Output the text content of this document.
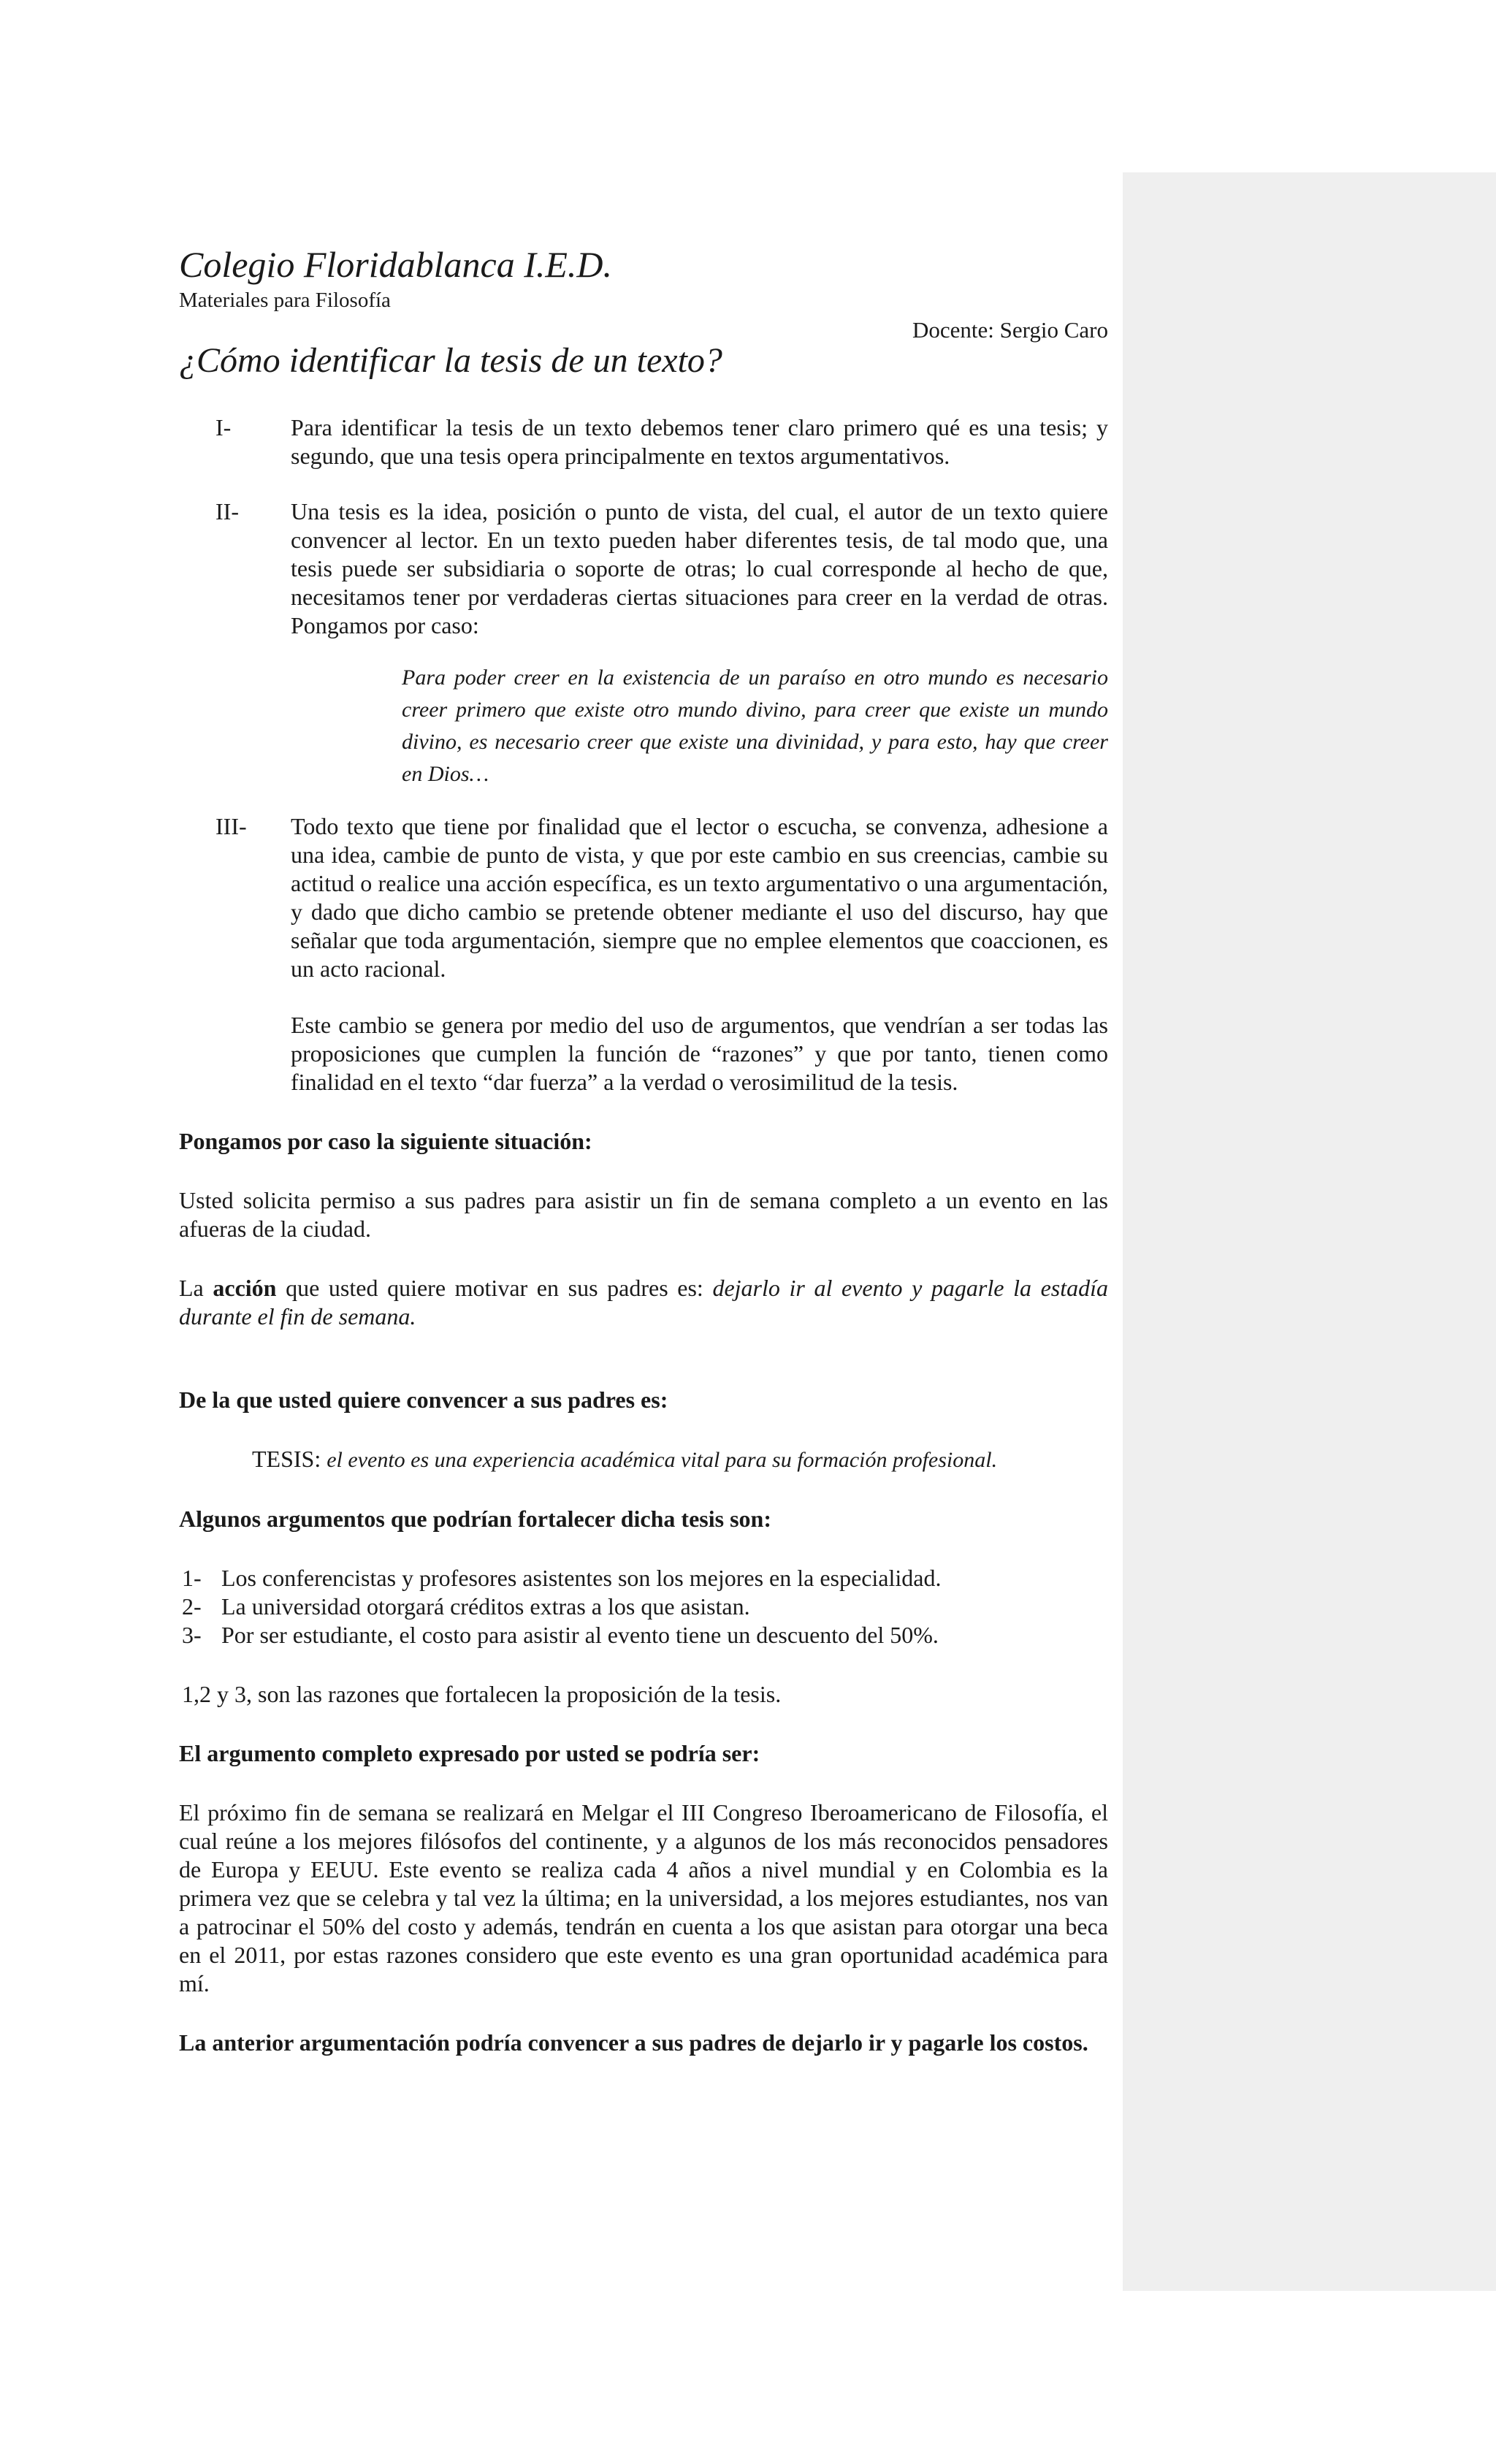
Colegio Floridablanca I.E.D.
Materiales para Filosofía
Docente: Sergio Caro
¿Cómo identificar la tesis de un texto?
I-	Para identificar la tesis de un texto debemos tener claro primero qué es una tesis; y segundo, que una tesis opera principalmente en textos argumentativos.

II-	Una tesis es la idea, posición o punto de vista, del cual, el autor de un texto quiere convencer al lector. En un texto pueden haber diferentes tesis, de tal modo que, una tesis puede ser subsidiaria o soporte de otras; lo cual corresponde al hecho de que, necesitamos tener por verdaderas ciertas situaciones para creer en la verdad de otras. Pongamos por caso:

Para poder creer en la existencia de un paraíso en otro mundo es necesario creer primero que existe otro mundo divino, para creer que existe un mundo divino, es necesario creer que existe una divinidad, y para esto, hay que creer en Dios…

III-	Todo texto que tiene por finalidad que el lector o escucha, se convenza, adhesione a una idea, cambie de punto de vista, y que por este cambio en sus creencias, cambie su actitud o realice una acción específica, es un texto argumentativo o una argumentación, y dado que dicho cambio se pretende obtener mediante el uso del discurso, hay que señalar que toda argumentación, siempre que no emplee elementos que coaccionen, es un acto racional.

Este cambio se genera por medio del uso de argumentos, que vendrían a ser todas las proposiciones que cumplen la función de “razones” y que por tanto, tienen como finalidad en el texto “dar fuerza” a la verdad o verosimilitud de la tesis.

Pongamos por caso la siguiente situación:

Usted solicita permiso a sus padres para asistir un fin de semana completo a un evento en las afueras de la ciudad.

La acción que usted quiere motivar en sus padres es: dejarlo ir al evento y pagarle la estadía durante el fin de semana.

De la que usted quiere convencer a sus padres es:
TESIS: el evento es una experiencia académica vital para su formación profesional.
Algunos argumentos que podrían fortalecer dicha tesis son:
1- Los conferencistas y profesores asistentes son los mejores en la especialidad.
2- La universidad otorgará créditos extras a los que asistan.
3- Por ser estudiante, el costo para asistir al evento tiene un descuento del 50%.
1,2 y 3, son las razones que fortalecen la proposición de la tesis.
El argumento completo expresado por usted se podría ser:

El próximo fin de semana se realizará en Melgar el III Congreso Iberoamericano de Filosofía, el cual reúne a los mejores filósofos del continente, y a algunos de los más reconocidos pensadores de Europa y EEUU. Este evento se realiza cada 4 años a nivel mundial y en Colombia es la primera vez que se celebra y tal vez la última; en la universidad, a los mejores estudiantes, nos van a patrocinar el 50% del costo y además, tendrán en cuenta a los que asistan para otorgar una beca en el 2011, por estas razones considero que este evento es una gran oportunidad académica para mí.

La anterior argumentación podría convencer a sus padres de dejarlo ir y pagarle los costos.
